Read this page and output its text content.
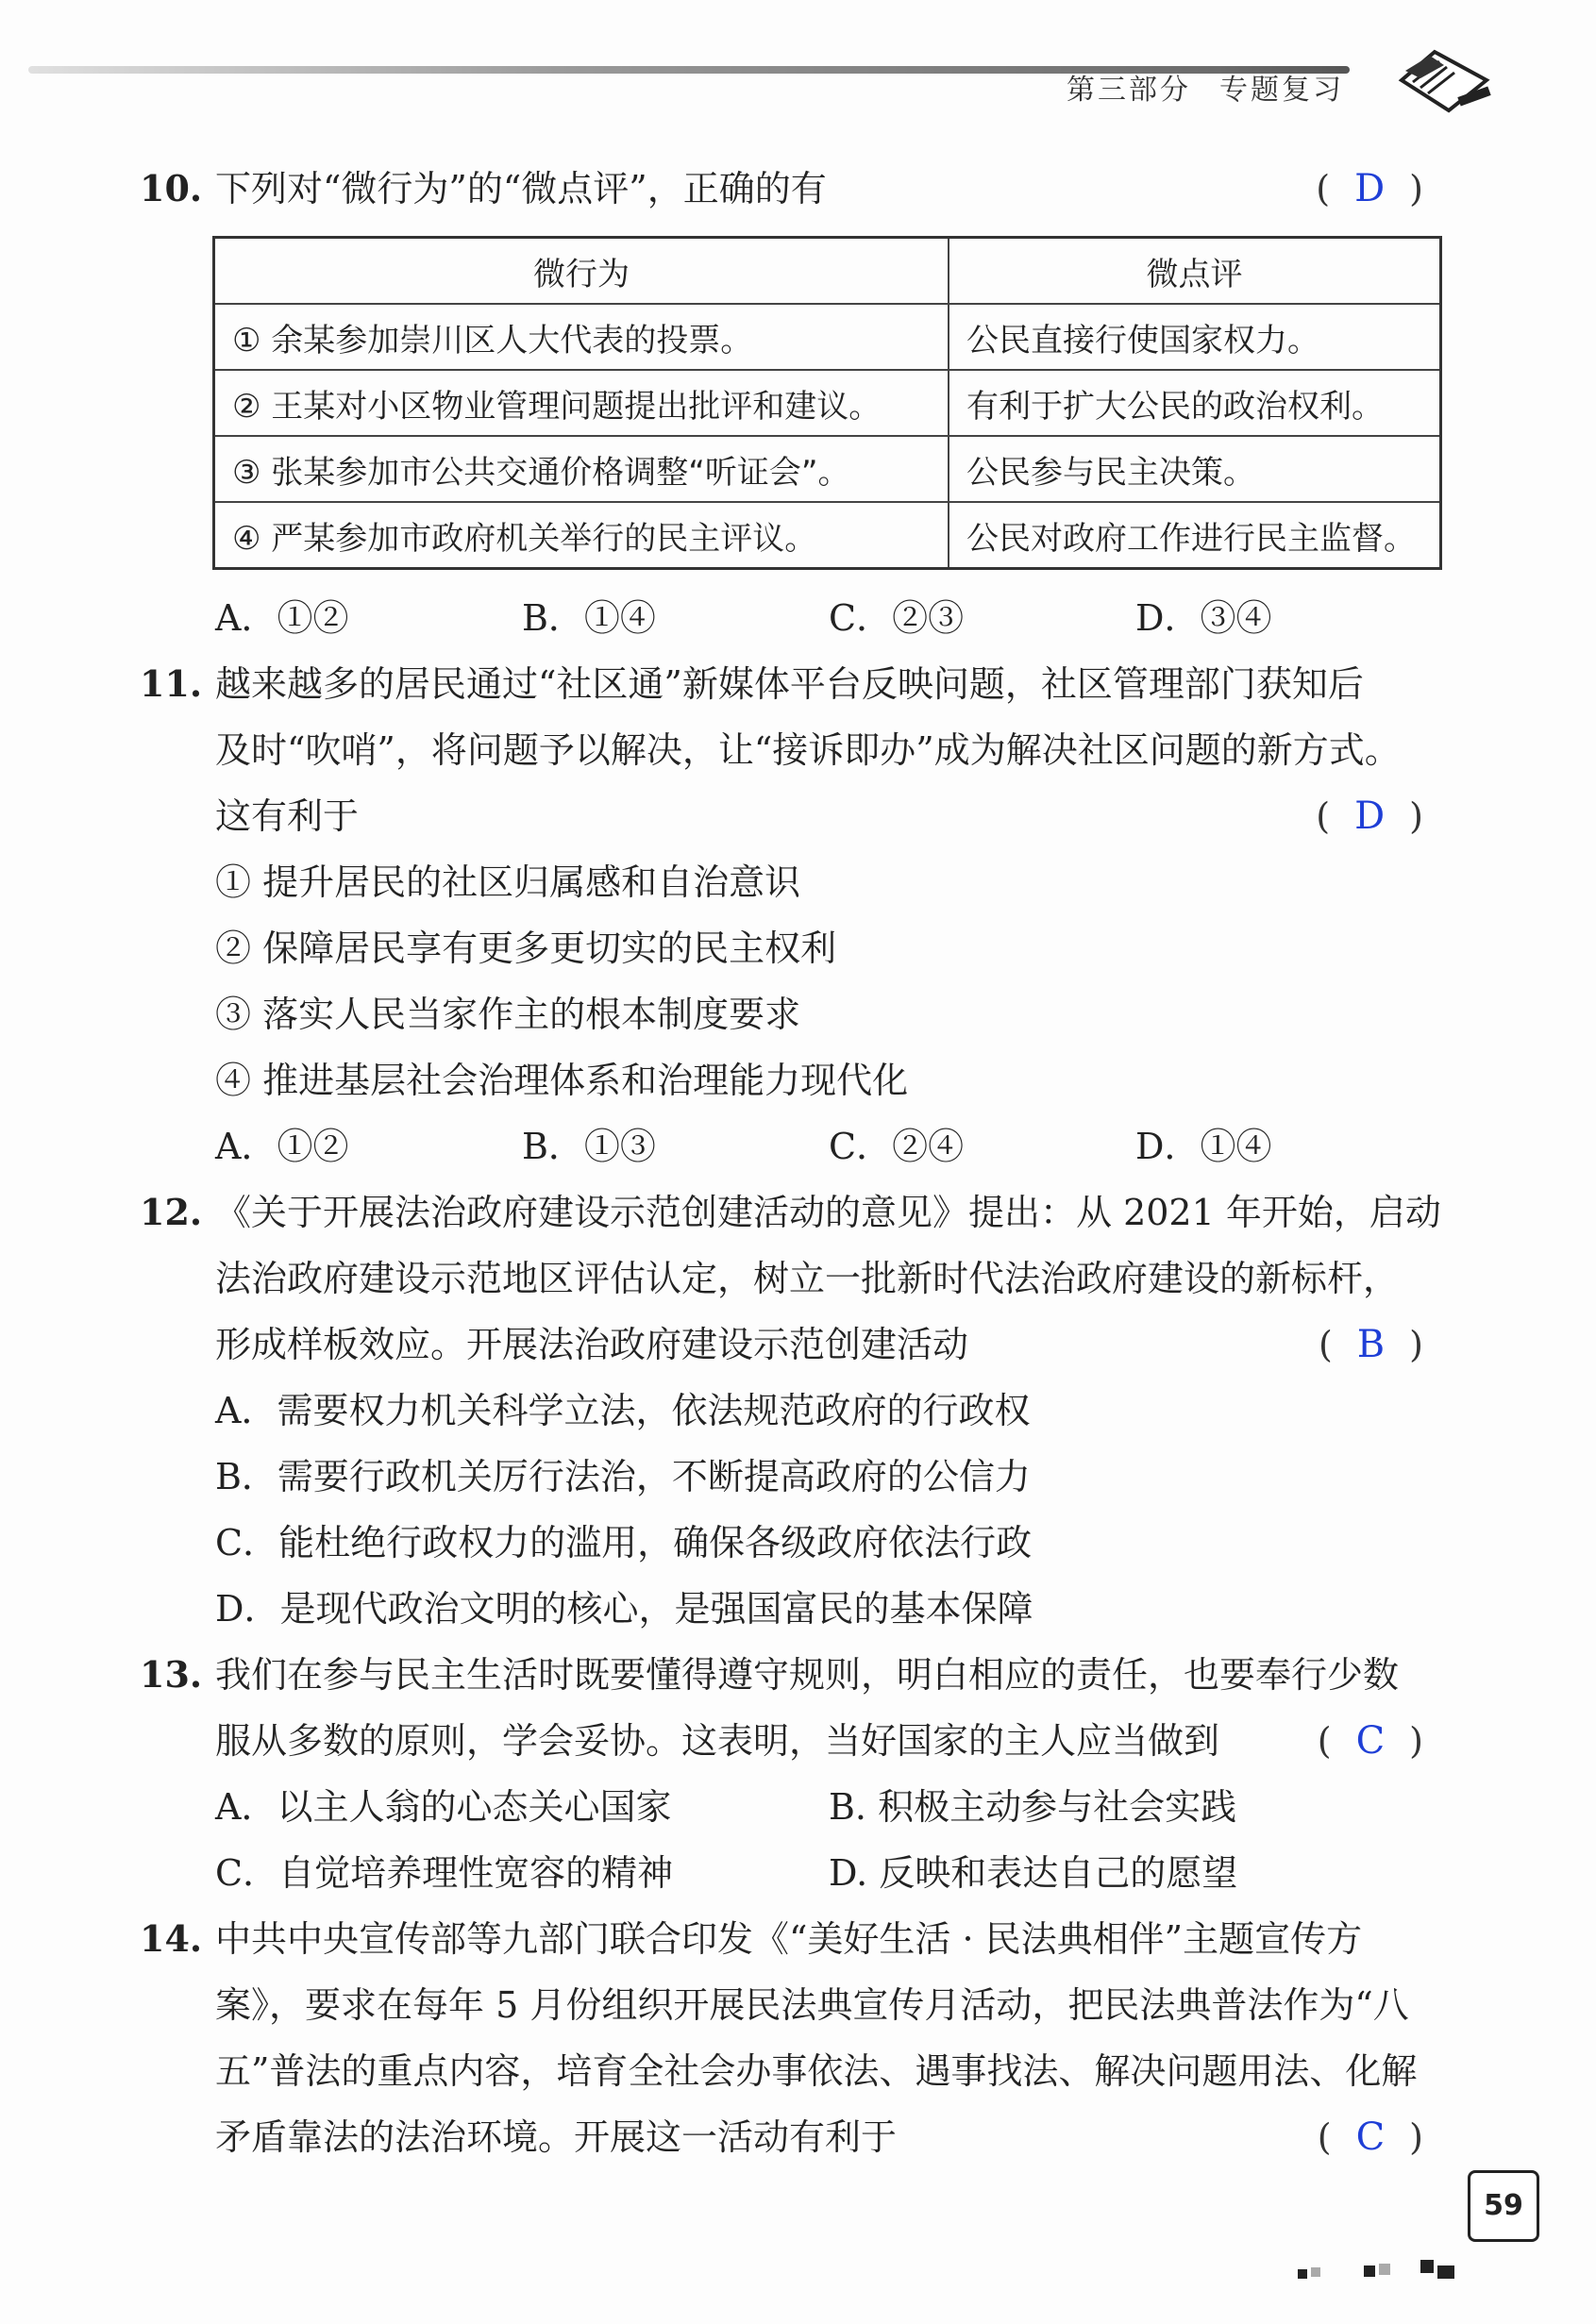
第三部分 专题复习
10. 下列对“微行为”的“微点评”，正确的有	( D )
微行为	微点评
① 余某参加崇川区人大代表的投票。	公民直接行使国家权力。
② 王某对小区物业管理问题提出批评和建议。	有利于扩大公民的政治权利。
③ 张某参加市公共交通价格调整“听证会”。	公民参与民主决策。
④ 严某参加市政府机关举行的民主评议。	公民对政府工作进行民主监督。
A．①②	B．①④	C．②③	D．③④
11. 越来越多的居民通过“社区通”新媒体平台反映问题，社区管理部门获知后
及时“吹哨”，将问题予以解决，让“接诉即办”成为解决社区问题的新方式。
这有利于	( D )
① 提升居民的社区归属感和自治意识
② 保障居民享有更多更切实的民主权利
③ 落实人民当家作主的根本制度要求
④ 推进基层社会治理体系和治理能力现代化
A．①②	B．①③	C．②④	D．①④
12. 《关于开展法治政府建设示范创建活动的意见》提出：从 2021 年开始，启动
法治政府建设示范地区评估认定，树立一批新时代法治政府建设的新标杆，
形成样板效应。开展法治政府建设示范创建活动	( B )
A．需要权力机关科学立法，依法规范政府的行政权
B．需要行政机关厉行法治，不断提高政府的公信力
C．能杜绝行政权力的滥用，确保各级政府依法行政
D．是现代政治文明的核心，是强国富民的基本保障
13. 我们在参与民主生活时既要懂得遵守规则，明白相应的责任，也要奉行少数
服从多数的原则，学会妥协。这表明，当好国家的主人应当做到	( C )
A．以主人翁的心态关心国家	B. 积极主动参与社会实践
C．自觉培养理性宽容的精神	D. 反映和表达自己的愿望
14. 中共中央宣传部等九部门联合印发《“美好生活 · 民法典相伴”主题宣传方
案》，要求在每年 5 月份组织开展民法典宣传月活动，把民法典普法作为“八
五”普法的重点内容，培育全社会办事依法、遇事找法、解决问题用法、化解
矛盾靠法的法治环境。开展这一活动有利于	( C )
59
